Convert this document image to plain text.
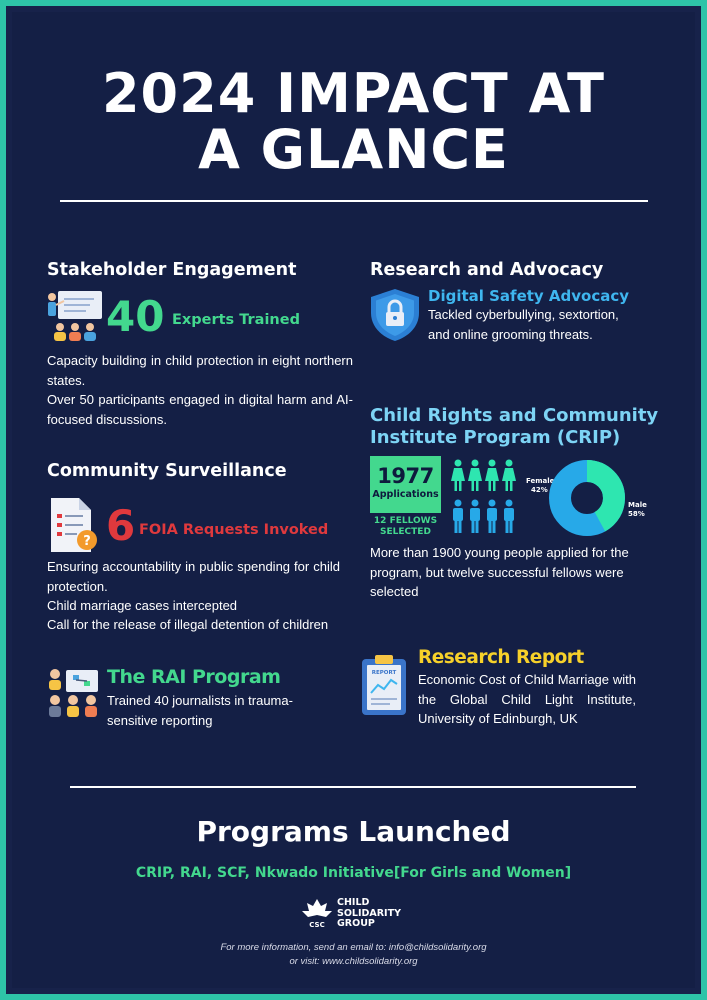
2024 IMPACT AT
A GLANCE
Stakeholder Engagement
40 Experts Trained
Capacity building in child protection in eight northern states.
Over 50 participants engaged in digital harm and AI-focused discussions.
Community Surveillance
? 6 FOIA Requests Invoked
Ensuring accountability in public spending for child protection.
Child marriage cases intercepted
Call for the release of illegal detention of children
The RAI Program
Trained 40 journalists in trauma-sensitive reporting
Research and Advocacy
Digital Safety Advocacy
Tackled cyberbullying, sextortion, and online grooming threats.
Child Rights and Community Institute Program (CRIP)
1977
Applications
12 FELLOWS
SELECTED
Female
42%
Male
58%
More than 1900 young people applied for the program, but twelve successful fellows were selected
REPORT
Research Report
Economic Cost of Child Marriage with the Global Child Light Institute, University of Edinburgh, UK
Programs Launched
CRIP, RAI, SCF, Nkwado Initiative[For Girls and Women]
CSC
CHILD
SOLIDARITY
GROUP
For more information, send an email to: info@childsolidarity.org
or visit: www.childsolidarity.org
